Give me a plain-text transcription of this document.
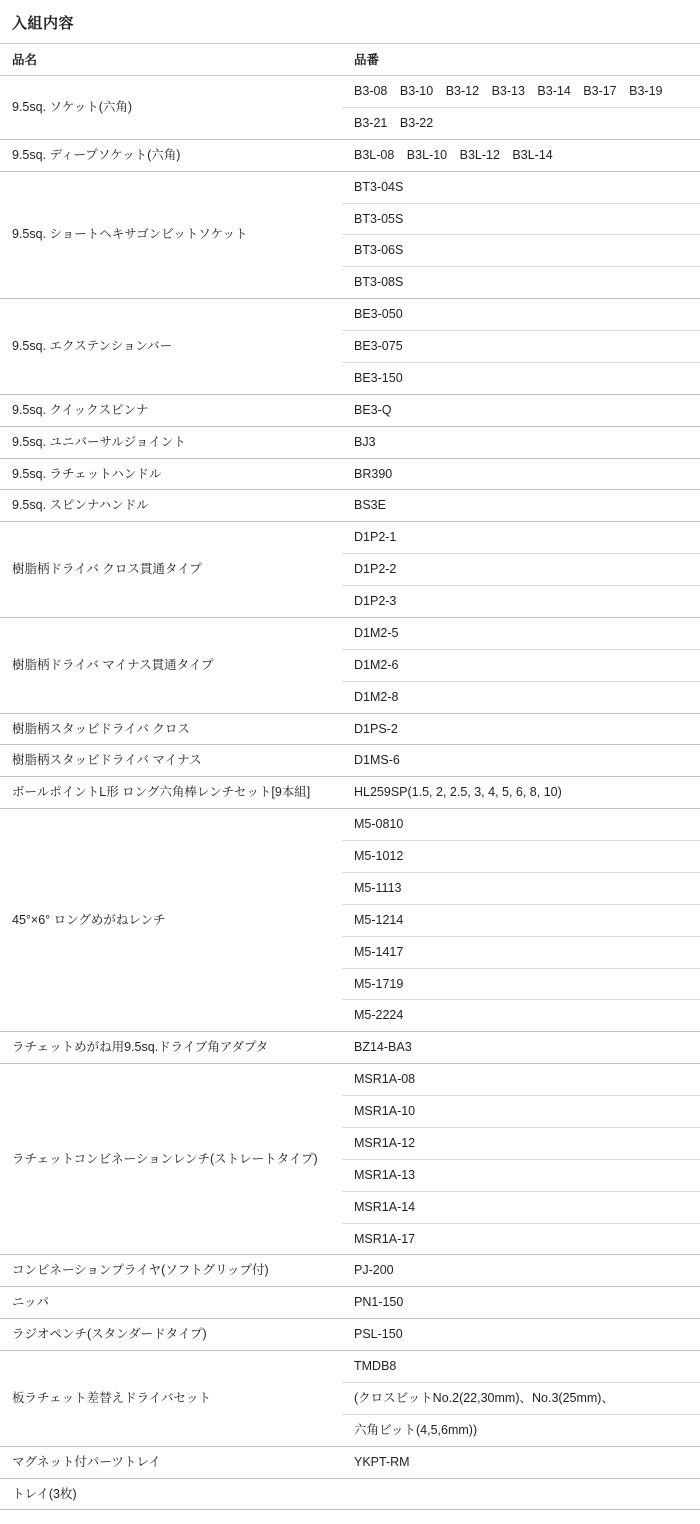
入組内容
品名	品番
9.5sq. ソケット(六角)	B3-08　B3-10　B3-12　B3-13　B3-14　B3-17　B3-19
	B3-21　B3-22
9.5sq. ディープソケット(六角)	B3L-08　B3L-10　B3L-12　B3L-14
9.5sq. ショートヘキサゴンビットソケット	BT3-04S
	BT3-05S
	BT3-06S
	BT3-08S
9.5sq. エクステンションバー	BE3-050
	BE3-075
	BE3-150
9.5sq. クイックスピンナ	BE3-Q
9.5sq. ユニバーサルジョイント	BJ3
9.5sq. ラチェットハンドル	BR390
9.5sq. スピンナハンドル	BS3E
樹脂柄ドライバ クロス貫通タイプ	D1P2-1
	D1P2-2
	D1P2-3
樹脂柄ドライバ マイナス貫通タイプ	D1M2-5
	D1M2-6
	D1M2-8
樹脂柄スタッビドライバ クロス	D1PS-2
樹脂柄スタッビドライバ マイナス	D1MS-6
ボールポイントL形 ロング六角棒レンチセット[9本組]	HL259SP(1.5, 2, 2.5, 3, 4, 5, 6, 8, 10)
45°×6° ロングめがねレンチ	M5-0810
	M5-1012
	M5-1113
	M5-1214
	M5-1417
	M5-1719
	M5-2224
ラチェットめがね用9.5sq.ドライブ角アダプタ	BZ14-BA3
ラチェットコンビネーションレンチ(ストレートタイプ)	MSR1A-08
	MSR1A-10
	MSR1A-12
	MSR1A-13
	MSR1A-14
	MSR1A-17
コンビネーションプライヤ(ソフトグリップ付)	PJ-200
ニッパ	PN1-150
ラジオペンチ(スタンダードタイプ)	PSL-150
板ラチェット差替えドライバセット	TMDB8
	(クロスビットNo.2(22,30mm)、No.3(25mm)、
	六角ビット(4,5,6mm))
マグネット付パーツトレイ	YKPT-RM
トレイ(3枚)	
